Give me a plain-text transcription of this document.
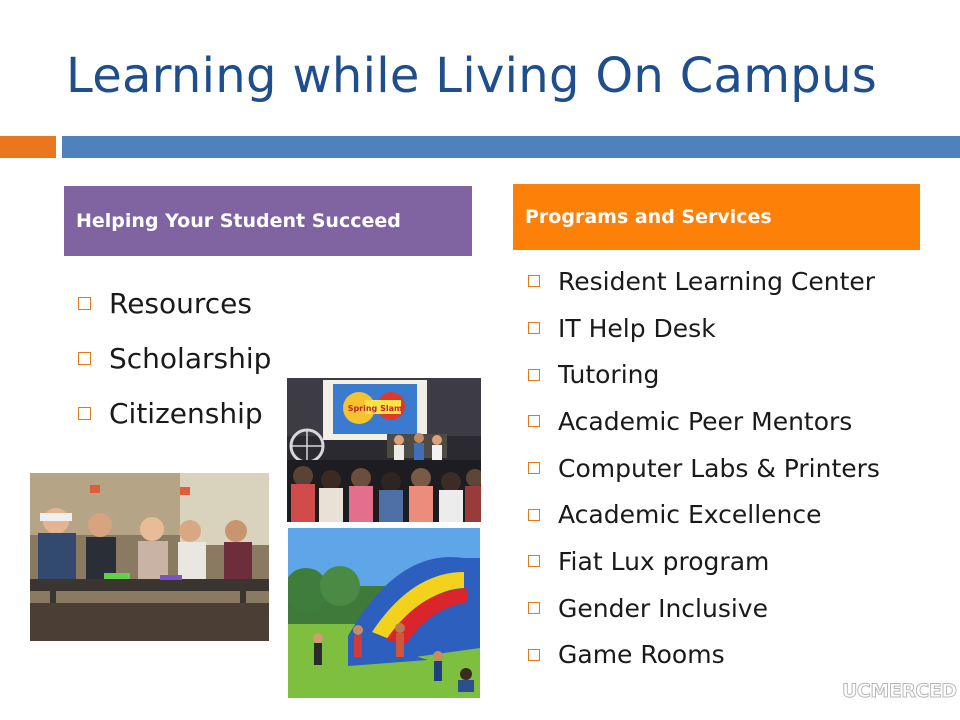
Learning while Living On Campus
Helping Your Student Succeed	Programs and Services
Resources
Scholarship
Citizenship
Resident Learning Center
IT Help Desk
Tutoring
Academic Peer Mentors
Computer Labs & Printers
Academic Excellence
Fiat Lux program
Gender Inclusive
Game Rooms
Spring Slam
UCMERCED
